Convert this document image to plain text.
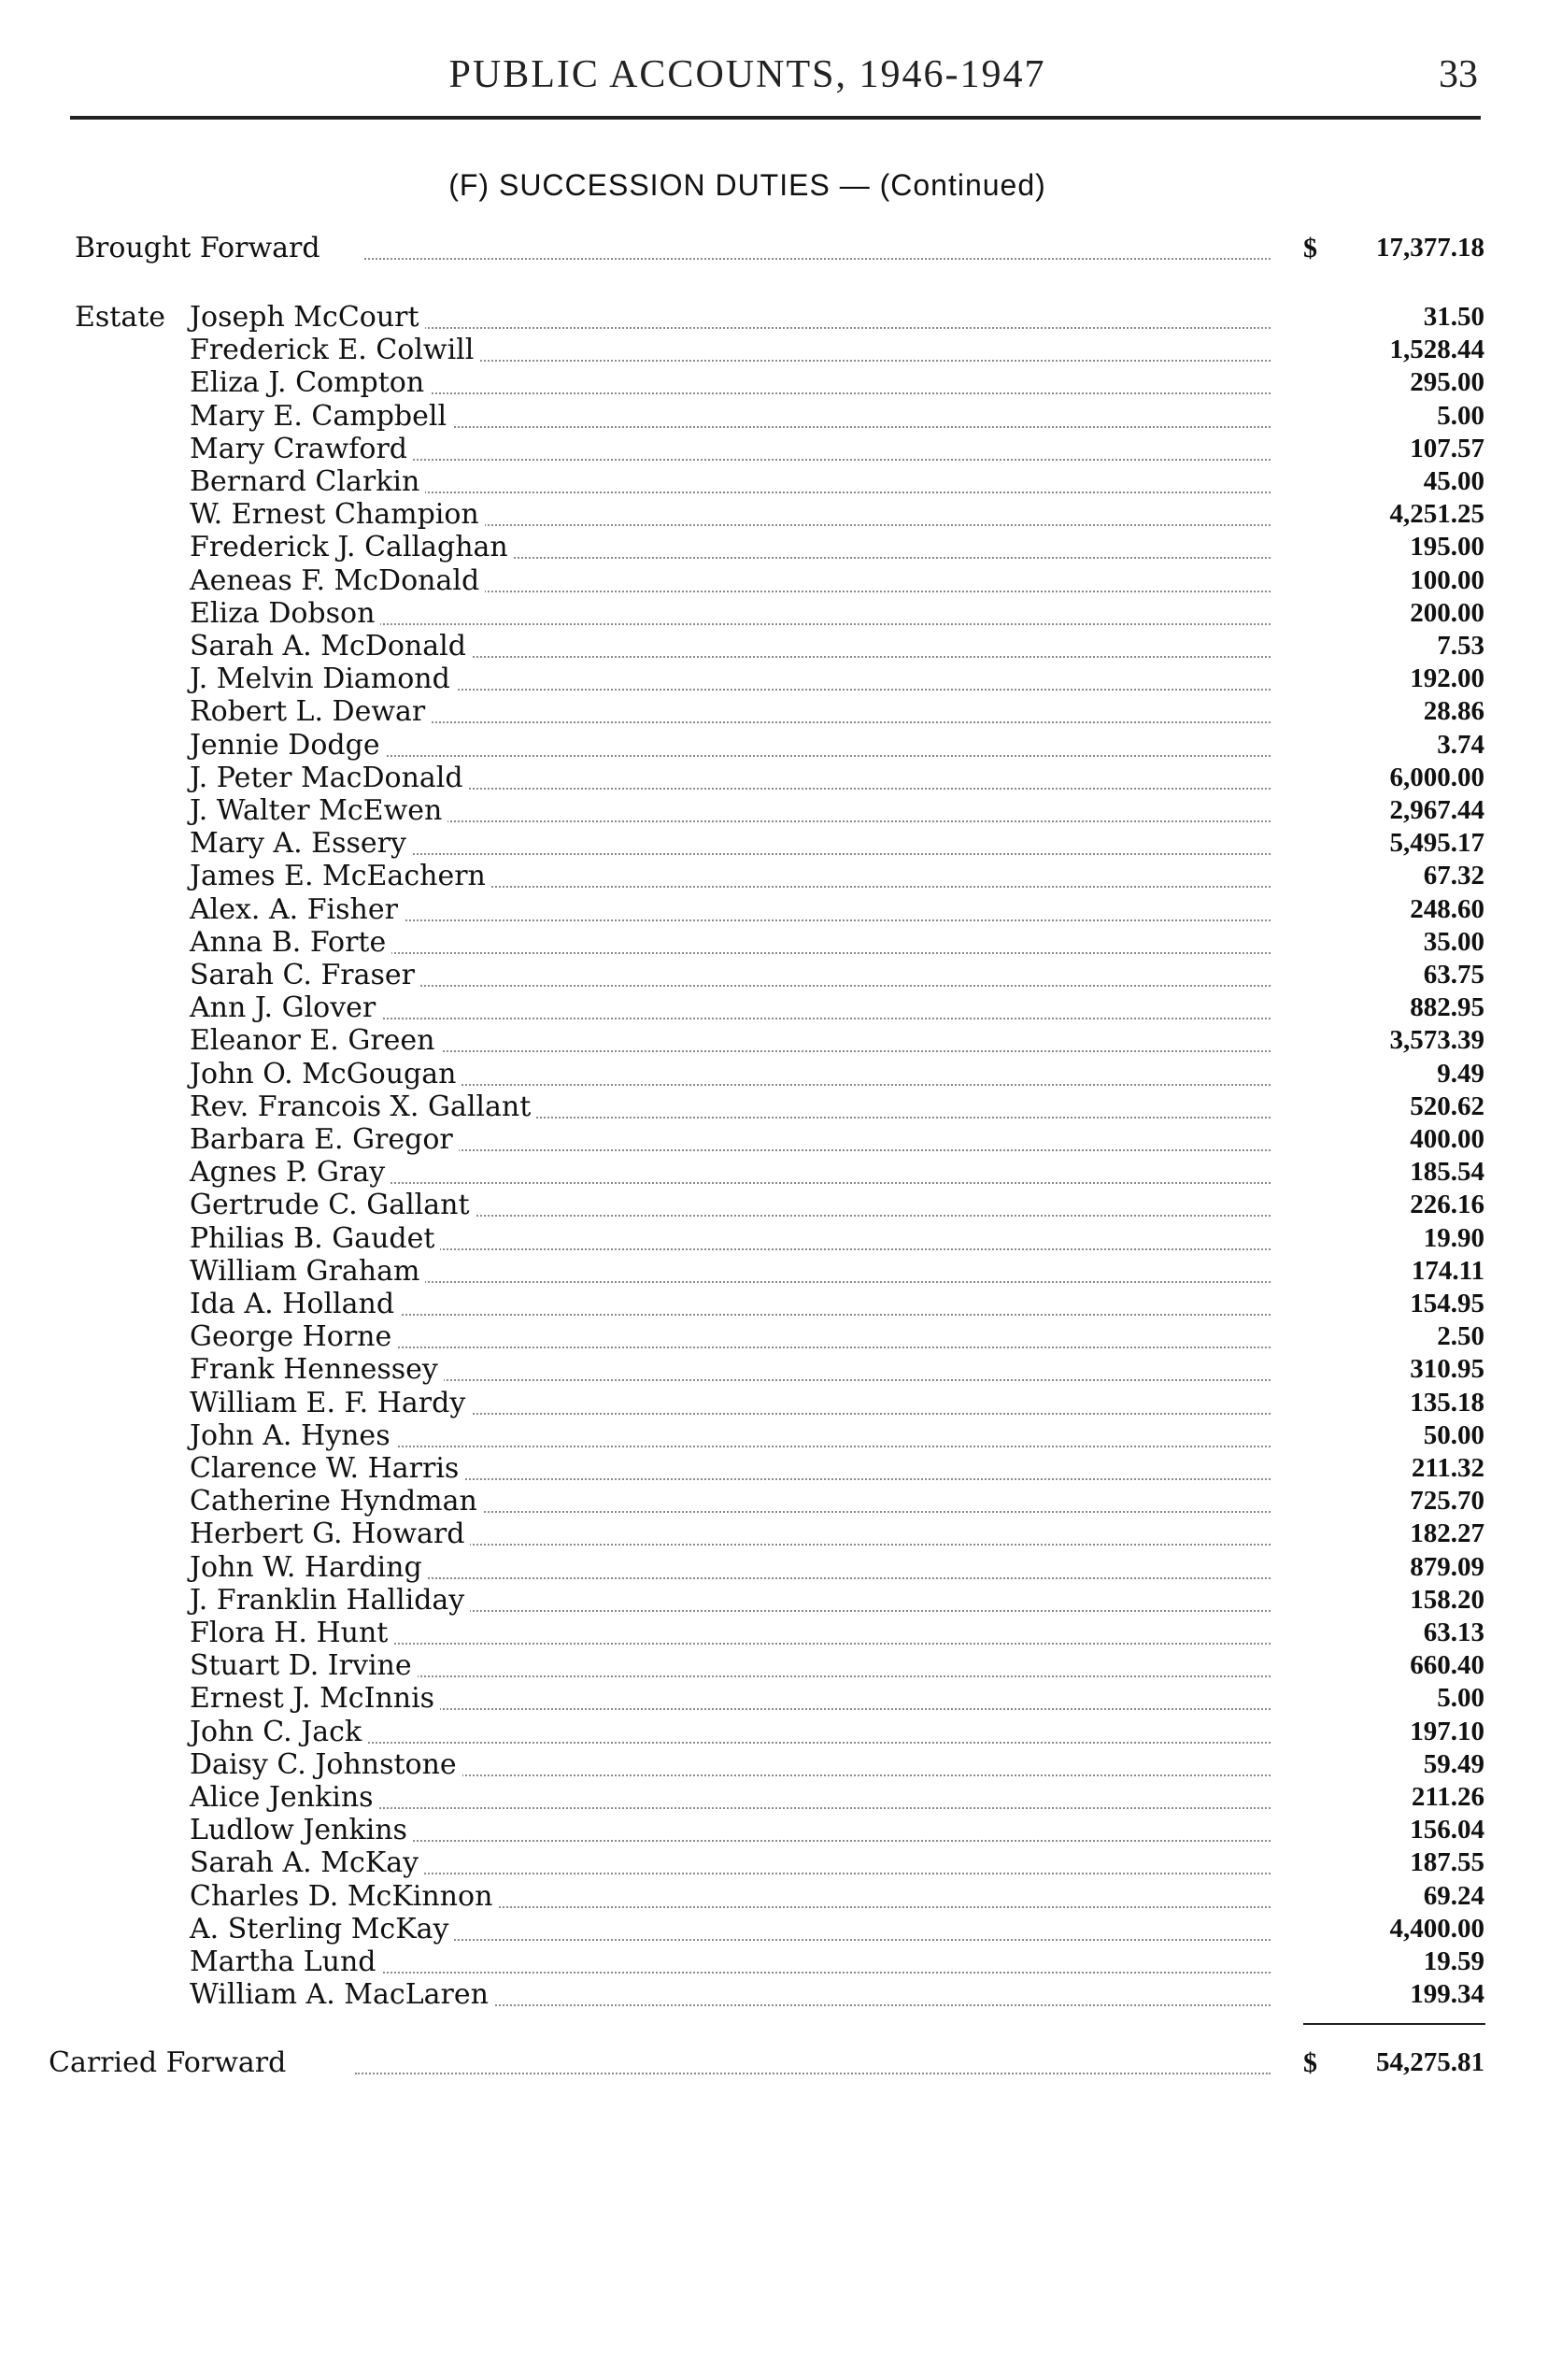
PUBLIC ACCOUNTS, 1946-1947	33
(F) SUCCESSION DUTIES — (Continued)
Brought Forward	$	17,377.18
Estate Joseph McCourt	31.50
Frederick E. Colwill	1,528.44
Eliza J. Compton	295.00
Mary E. Campbell	5.00
Mary Crawford	107.57
Bernard Clarkin	45.00
W. Ernest Champion	4,251.25
Frederick J. Callaghan	195.00
Aeneas F. McDonald	100.00
Eliza Dobson	200.00
Sarah A. McDonald	7.53
J. Melvin Diamond	192.00
Robert L. Dewar	28.86
Jennie Dodge	3.74
J. Peter MacDonald	6,000.00
J. Walter McEwen	2,967.44
Mary A. Essery	5,495.17
James E. McEachern	67.32
Alex. A. Fisher	248.60
Anna B. Forte	35.00
Sarah C. Fraser	63.75
Ann J. Glover	882.95
Eleanor E. Green	3,573.39
John O. McGougan	9.49
Rev. Francois X. Gallant	520.62
Barbara E. Gregor	400.00
Agnes P. Gray	185.54
Gertrude C. Gallant	226.16
Philias B. Gaudet	19.90
William Graham	174.11
Ida A. Holland	154.95
George Horne	2.50
Frank Hennessey	310.95
William E. F. Hardy	135.18
John A. Hynes	50.00
Clarence W. Harris	211.32
Catherine Hyndman	725.70
Herbert G. Howard	182.27
John W. Harding	879.09
J. Franklin Halliday	158.20
Flora H. Hunt	63.13
Stuart D. Irvine	660.40
Ernest J. McInnis	5.00
John C. Jack	197.10
Daisy C. Johnstone	59.49
Alice Jenkins	211.26
Ludlow Jenkins	156.04
Sarah A. McKay	187.55
Charles D. McKinnon	69.24
A. Sterling McKay	4,400.00
Martha Lund	19.59
William A. MacLaren	199.34
Carried Forward	$	54,275.81
